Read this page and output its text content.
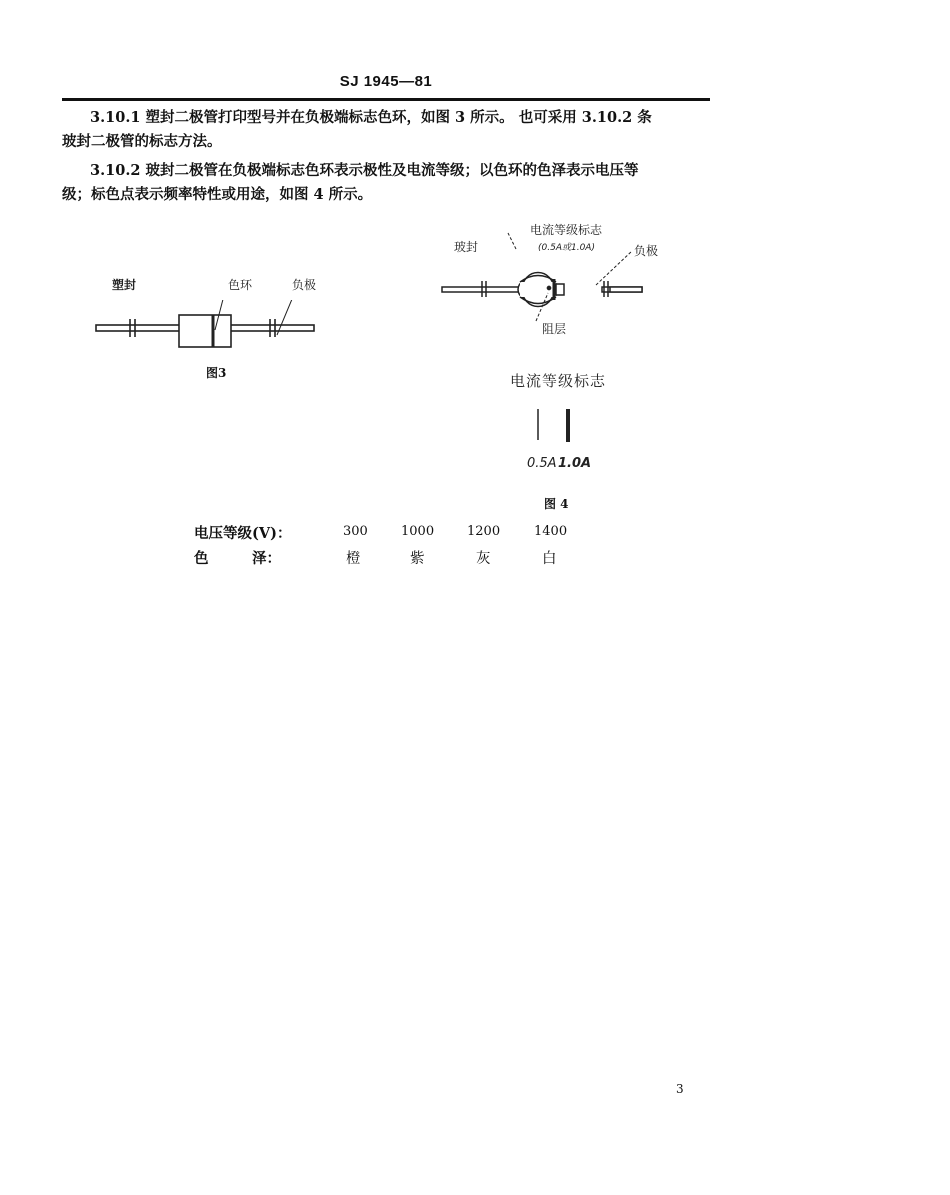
SJ 1945—81
3.10.1 塑封二极管打印型号并在负极端标志色环，如图 3 所示。 也可采用 3.10.2 条
玻封二极管的标志方法。
3.10.2 玻封二极管在负极端标志色环表示极性及电流等级；以色环的色泽表示电压等
级；标色点表示频率特性或用途，如图 4 所示。
塑封	色环	负极
图3
玻封
电流等级标志
(0.5A或1.0A)	负极
阻层
电流等级标志
0.5A 1.0A
图 4
电压等级(V)：	300	1000	1200	1400
色　　　泽：	橙	紫	灰	白
3
